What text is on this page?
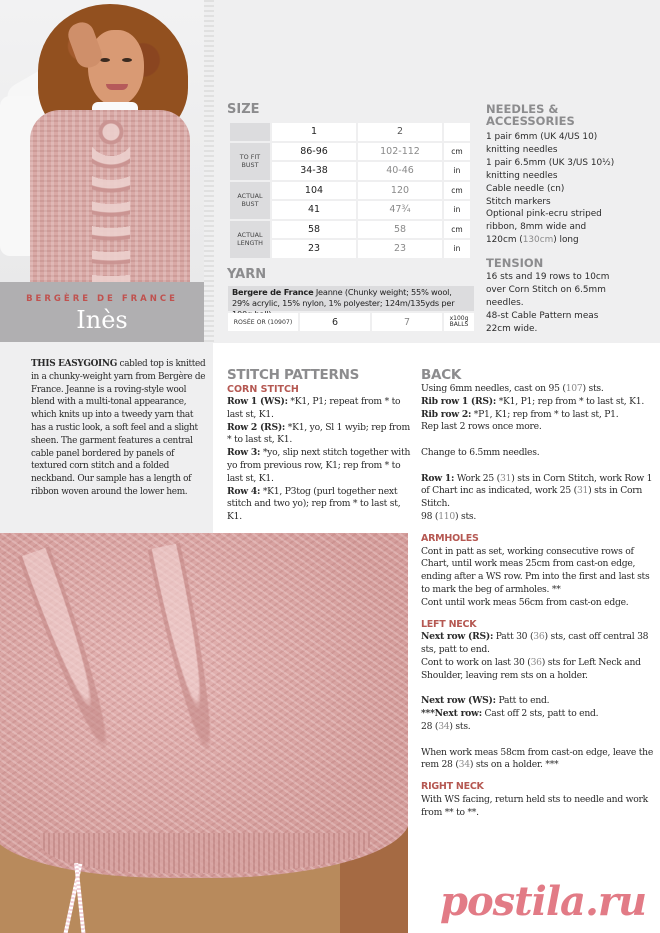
BERGÈRE DE FRANCE
Inès
SIZE
	1	2	
TO FIT
BUST	86-96	102-112	cm
34-38	40-46	in
ACTUAL
BUST	104	120	cm
41	47¾	in
ACTUAL
LENGTH	58	58	cm
23	23	in
YARN
Bergere de France Jeanne (Chunky weight; 55% wool, 29% acrylic, 15% nylon, 1% polyester; 124m/135yds per
ROSÉE OR (10907)	6	7	x100g
BALLS
NEEDLES &
ACCESSORIES
1 pair 6mm (UK 4/US 10)
knitting needles
1 pair 6.5mm (UK 3/US 10½)
knitting needles
Cable needle (cn)
Stitch markers
Optional pink-ecru striped
ribbon, 8mm wide and
120cm (130cm) long
TENSION
16 sts and 19 rows to 10cm
over Corn Stitch on 6.5mm
needles.
48-st Cable Pattern meas
22cm wide.
THIS EASYGOING cabled top is knitted in a chunky-weight yarn from Bergère de France. Jeanne is a roving-style wool blend with a multi-tonal appearance, which knits up into a tweedy yarn that has a rustic look, a soft feel and a slight sheen. The garment features a central cable panel bordered by panels of textured corn stitch and a folded neckband. Our sample has a length of ribbon woven around the lower hem.
STITCH PATTERNS
CORN STITCH
Row 1 (WS): *K1, P1; repeat from * to last st, K1.
Row 2 (RS): *K1, yo, Sl 1 wyib; rep from * to last st, K1.
Row 3: *yo, slip next stitch together with yo from previous row, K1; rep from * to last st, K1.
Row 4: *K1, P3tog (purl together next stitch and two yo); rep from * to last st, K1.
BACK

Using 6mm needles, cast on 95 (107) sts.

Rib row 1 (RS): *K1, P1; rep from * to last st, K1.

Rib row 2: *P1, K1; rep from * to last st, P1.

Rep last 2 rows once more.

Change to 6.5mm needles.

Row 1: Work 25 (31) sts in Corn Stitch, work Row 1 of Chart inc as indicated, work 25 (31) sts in Corn Stitch.

98 (110) sts.

ARMHOLES

Cont in patt as set, working consecutive rows of Chart, until work meas 25cm from cast-on edge, ending after a WS row. Pm into the first and last sts to mark the beg of armholes. **

Cont until work meas 56cm from cast-on edge.

LEFT NECK

Next row (RS): Patt 30 (36) sts, cast off central 38 sts, patt to end.

Cont to work on last 30 (36) sts for Left Neck and Shoulder, leaving rem sts on a holder.

Next row (WS): Patt to end.

***Next row: Cast off 2 sts, patt to end.

28 (34) sts.

When work meas 58cm from cast-on edge, leave the rem 28 (34) sts on a holder. ***

RIGHT NECK

With WS facing, return held sts to needle and work from ** to **.

postila.ru
